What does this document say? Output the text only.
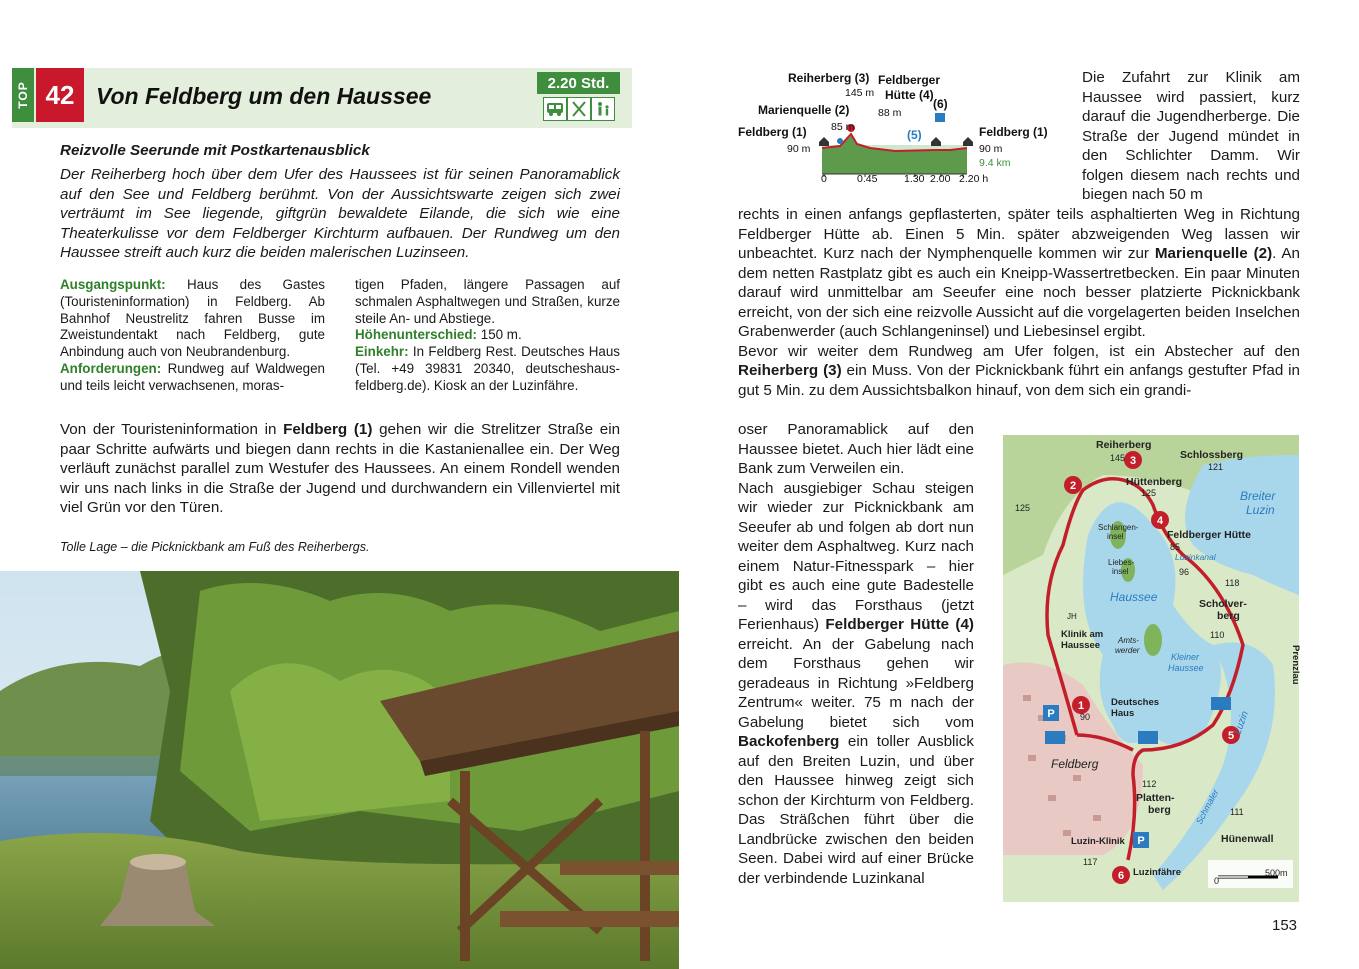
TOP 42 Von Feldberg um den Haussee	2.20 Std.
Reizvolle Seerunde mit Postkartenausblick
Der Reiherberg hoch über dem Ufer des Haussees ist für seinen Panoramablick auf den See und Feldberg berühmt. Von der Aussichtswarte zeigen sich zwei verträumt im See liegende, giftgrün bewaldete Eilande, die sich wie eine Theaterkulisse vor dem Feldberger Kirchturm aufbauen. Der Rundweg um den Haussee streift auch kurz die beiden malerischen Luzinseen.
Ausgangspunkt: Haus des Gastes (Touristeninformation) in Feldberg. Ab Bahnhof Neustrelitz fahren Busse im Zweistundentakt nach Feldberg, gute Anbindung auch von Neubrandenburg.
Anforderungen: Rundweg auf Waldwegen und teils leicht verwachsenen, moras-
tigen Pfaden, längere Passagen auf schmalen Asphaltwegen und Straßen, kurze steile An- und Abstiege.
Höhenunterschied: 150 m.
Einkehr: In Feldberg Rest. Deutsches Haus (Tel. +49 39831 20340, deutscheshaus-feldberg.de). Kiosk an der Luzinfähre.
Von der Touristeninformation in Feldberg (1) gehen wir die Strelitzer Straße ein paar Schritte aufwärts und biegen dann rechts in die Kastanienallee ein. Der Weg verläuft zunächst parallel zum Westufer des Haussees. An einem Rondell wenden wir uns nach links in die Straße der Jugend und durchwandern ein Villenviertel mit viel Grün vor den Türen.
Tolle Lage – die Picknickbank am Fuß des Reiherbergs.
Reiherberg (3) Feldberger
Hütte (4)
(6)
Marienquelle (2)
Feldberg (1)	Feldberg (1)
145 m
88 m
85 m
90 m	90 m
0	0.45	1.30 2.00 2.20 h
(5)
9.4 km
Die Zufahrt zur Klinik am Haussee wird passiert, kurz darauf die Jugendherberge. Die Straße der Jugend mündet in den Schlichter Damm. Wir folgen diesem nach rechts und biegen nach 50 m
rechts in einen anfangs gepflasterten, später teils asphaltierten Weg in Richtung Feldberger Hütte ab. Einen 5 Min. später abzweigenden Weg lassen wir unbeachtet. Kurz nach der Nymphenquelle kommen wir zur Marienquelle (2). An dem netten Rastplatz gibt es auch ein Kneipp-Wassertretbecken. Ein paar Minuten darauf wird unmittelbar am Seeufer eine noch besser platzierte Picknickbank erreicht, von der sich eine reizvolle Aussicht auf die vorgelagerten beiden Inselchen Grabenwerder (auch Schlangeninsel) und Liebesinsel ergibt.
Bevor wir weiter dem Rundweg am Ufer folgen, ist ein Abstecher auf den Reiherberg (3) ein Muss. Von der Picknickbank führt ein anfangs gestufter Pfad in gut 5 Min. zu dem Aussichtsbalkon hinauf, von dem sich ein grandi-
oser Panoramablick auf den Haussee bietet. Auch hier lädt eine Bank zum Verweilen ein.
Nach ausgiebiger Schau steigen wir wieder zur Picknickbank am Seeufer ab und folgen ab dort nun weiter dem Asphaltweg. Kurz nach einem Natur-Fitnesspark – hier gibt es auch eine gute Badestelle – wird das Forsthaus (jetzt Ferienhaus) Feldberger Hütte (4) erreicht. An der Gabelung nach dem Forsthaus gehen wir geradeaus in Richtung »Feldberg Zentrum« weiter. 75 m nach der Gabelung bietet sich vom Backofenberg ein toller Ausblick auf den Breiten Luzin, und über den Haussee hinweg zeigt sich schon der Kirchturm von Feldberg. Das Sträßchen führt über die Landbrücke zwischen den beiden Seen. Dabei wird auf einer Brücke der verbindende Luzinkanal
1
2
3
4
5
6
P
P
Reiherberg
145	Schlossberg
121
Hüttenberg
125
125
Breiter
Luzin
Schlangen-
insel	Feldberger Hütte
85
Luzinkanal
Liebes-
insel	96
118
Haussee	Scholver-
berg
110
JH
Klinik am
Haussee Amts-
werder
Kleiner
Haussee
Deutsches
Haus
90
Feldberg
112
Platten-
berg	111
Hünenwall
Luzin-Klinik
117
Luzinfähre
0
500m
Luzin
Schmaler
Prenzlau
153
